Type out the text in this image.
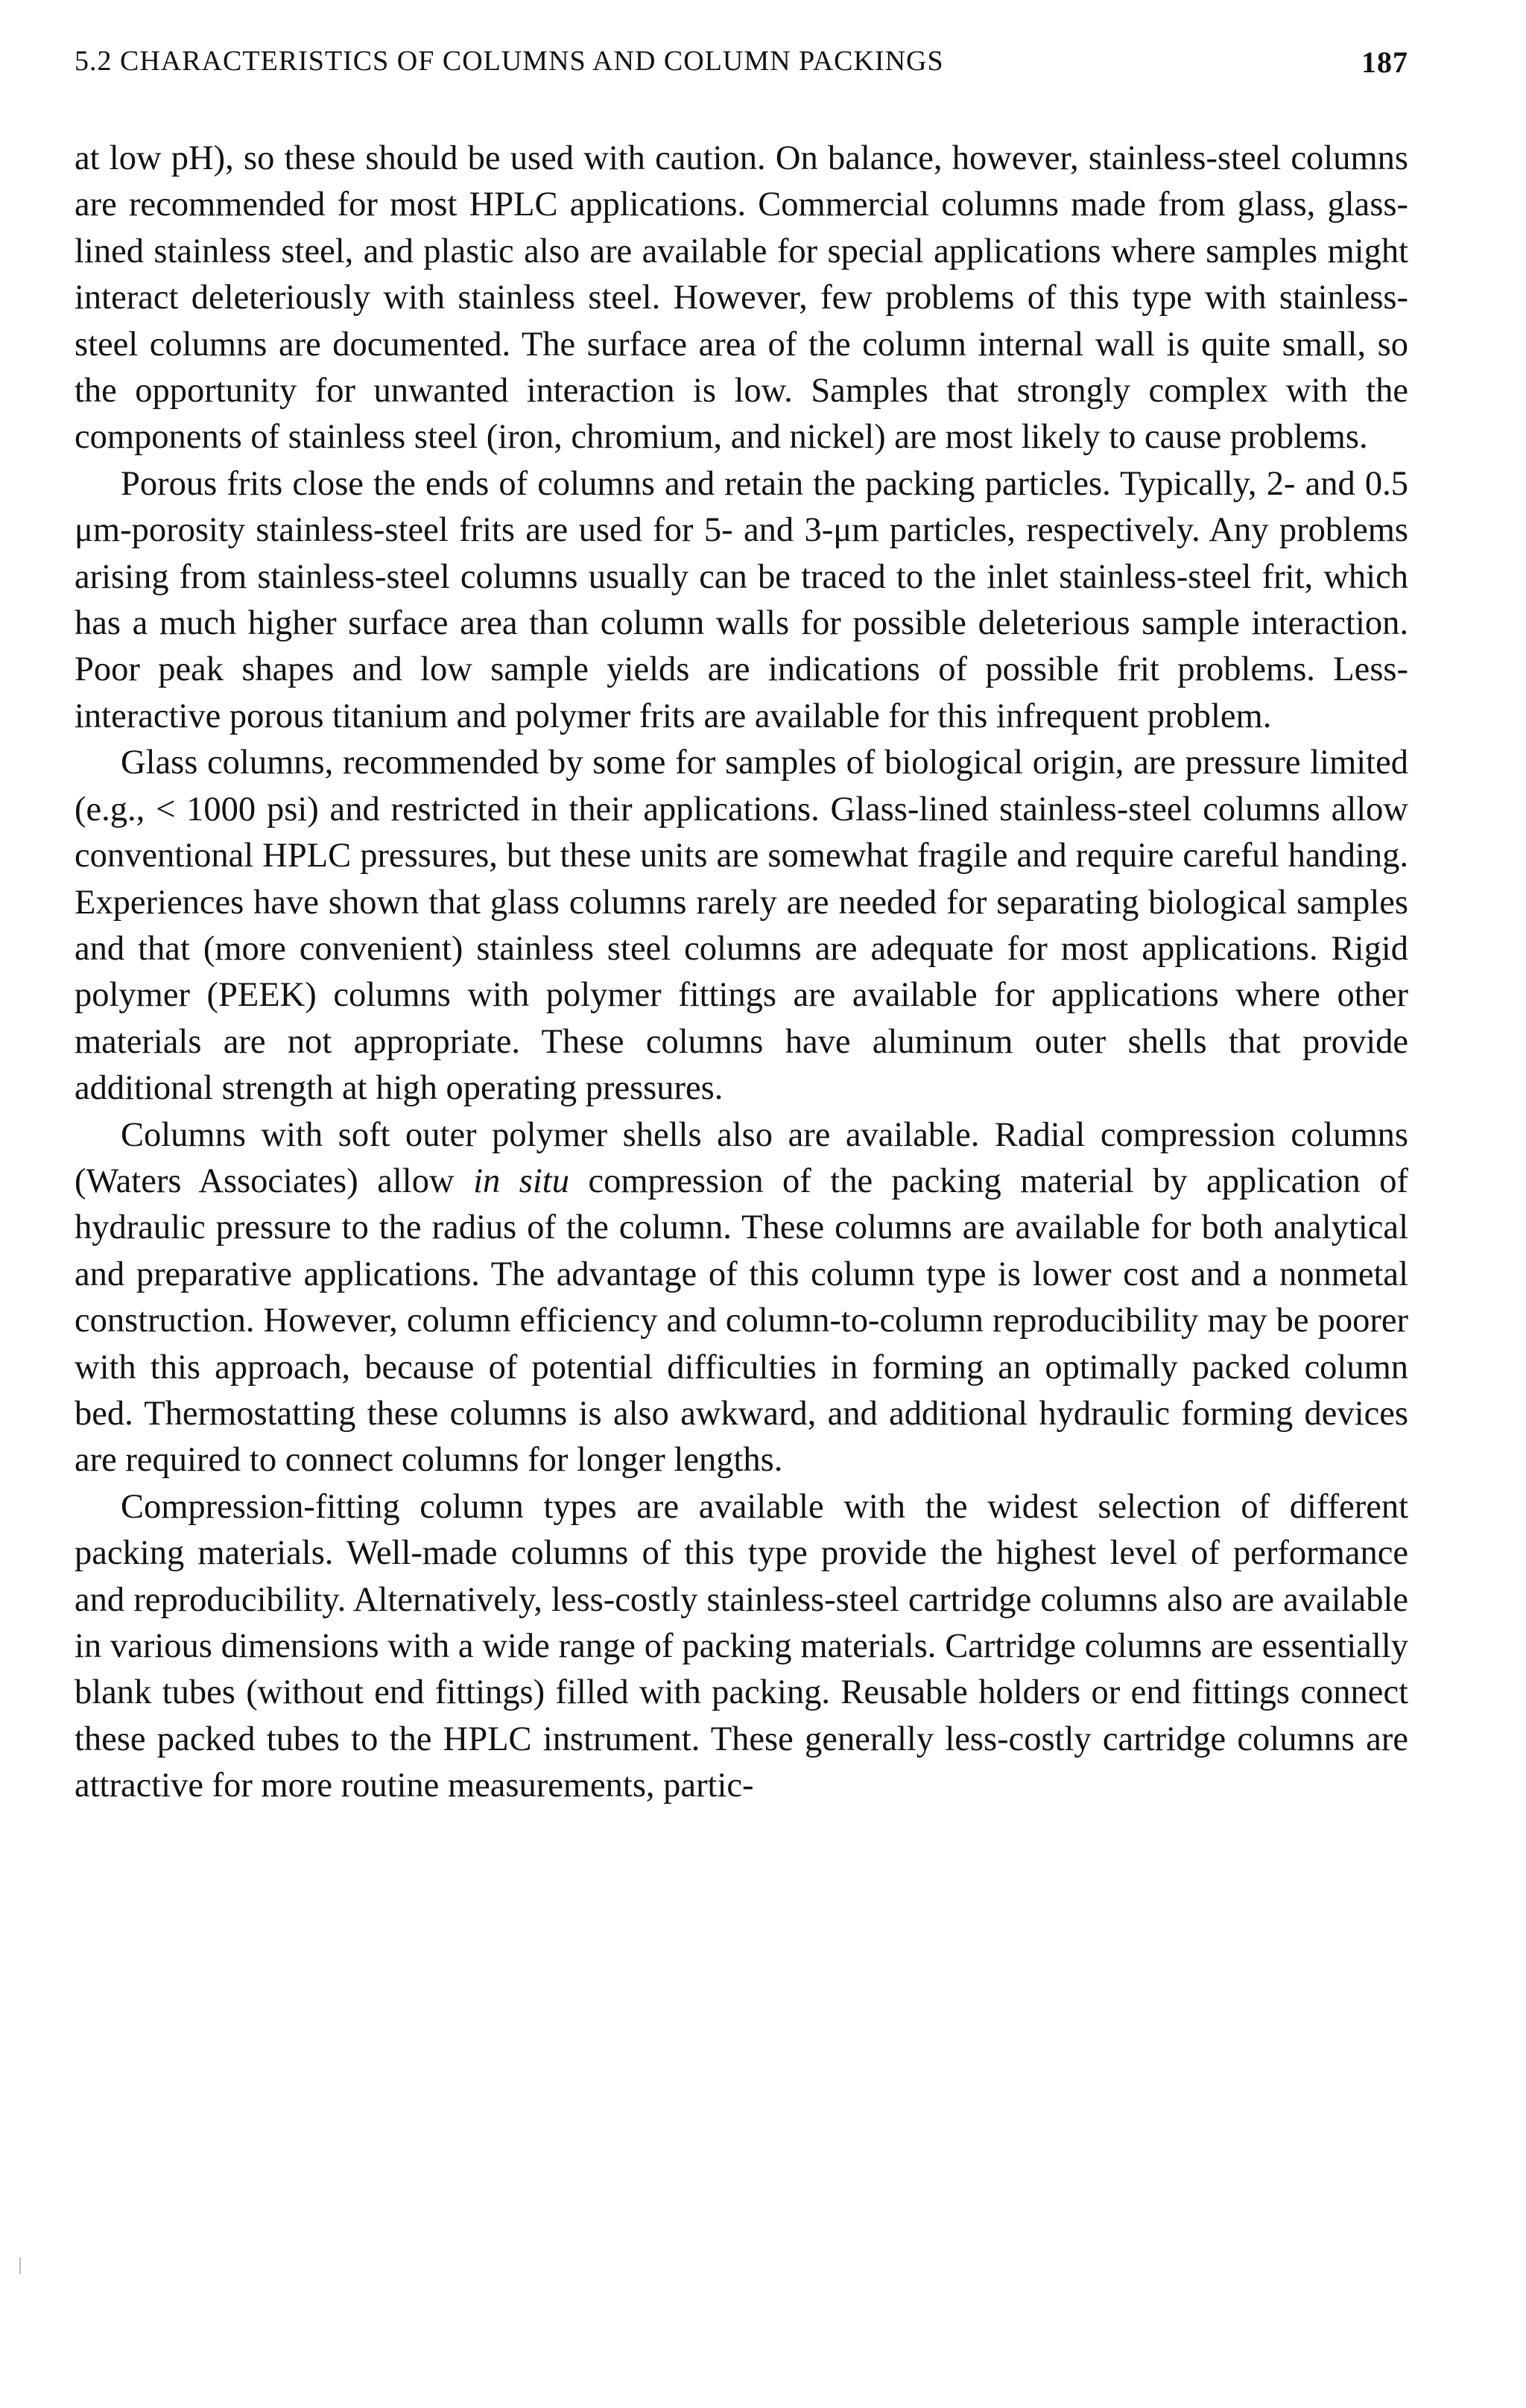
5.2 CHARACTERISTICS OF COLUMNS AND COLUMN PACKINGS	187

at low pH), so these should be used with caution. On balance, however, stainless-steel columns are recommended for most HPLC applications. Commercial columns made from glass, glass-lined stainless steel, and plastic also are available for special applications where samples might interact deleteriously with stainless steel. However, few problems of this type with stainless-steel columns are documented. The surface area of the column internal wall is quite small, so the opportunity for unwanted interaction is low. Samples that strongly complex with the components of stainless steel (iron, chromium, and nickel) are most likely to cause problems.

Porous frits close the ends of columns and retain the packing particles. Typically, 2- and 0.5 μm-porosity stainless-steel frits are used for 5- and 3-μm particles, respectively. Any problems arising from stainless-steel columns usually can be traced to the inlet stainless-steel frit, which has a much higher surface area than column walls for possible deleterious sample interaction. Poor peak shapes and low sample yields are indications of possible frit problems. Less-interactive porous titanium and polymer frits are available for this infrequent problem.

Glass columns, recommended by some for samples of biological origin, are pressure limited (e.g., < 1000 psi) and restricted in their applications. Glass-lined stainless-steel columns allow conventional HPLC pressures, but these units are somewhat fragile and require careful handing. Experiences have shown that glass columns rarely are needed for separating biological samples and that (more convenient) stainless steel columns are adequate for most applications. Rigid polymer (PEEK) columns with polymer fittings are available for applications where other materials are not appropriate. These columns have aluminum outer shells that provide additional strength at high operating pressures.

Columns with soft outer polymer shells also are available. Radial compression columns (Waters Associates) allow in situ compression of the packing material by application of hydraulic pressure to the radius of the column. These columns are available for both analytical and preparative applications. The advantage of this column type is lower cost and a nonmetal construction. However, column efficiency and column-to-column reproducibility may be poorer with this approach, because of potential difficulties in forming an optimally packed column bed. Thermostatting these columns is also awkward, and additional hydraulic forming devices are required to connect columns for longer lengths.

Compression-fitting column types are available with the widest selection of different packing materials. Well-made columns of this type provide the highest level of performance and reproducibility. Alternatively, less-costly stainless-steel cartridge columns also are available in various dimensions with a wide range of packing materials. Cartridge columns are essentially blank tubes (without end fittings) filled with packing. Reusable holders or end fittings connect these packed tubes to the HPLC instrument. These generally less-costly cartridge columns are attractive for more routine measurements, partic-
